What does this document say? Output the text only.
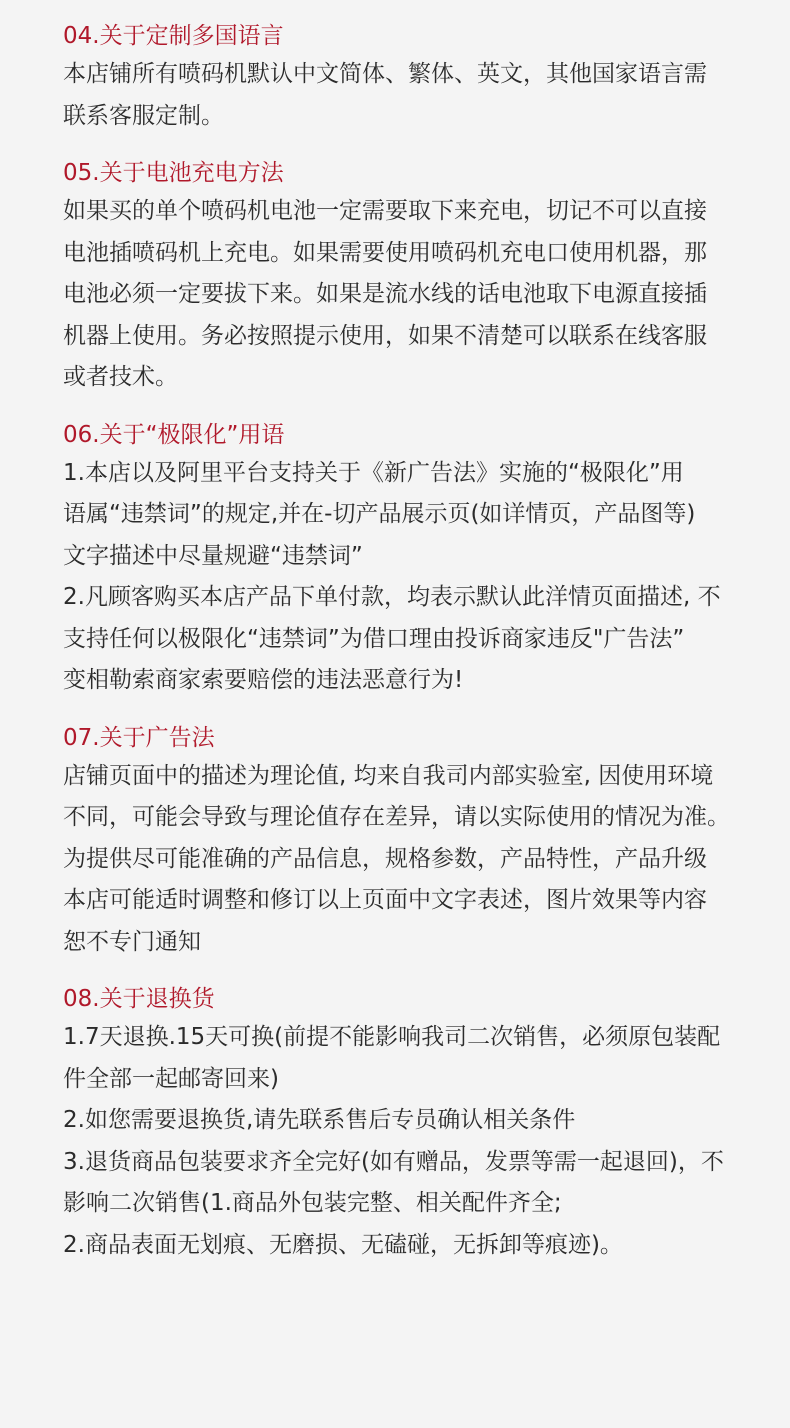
04.关于定制多国语言

本店铺所有喷码机默认中文简体、繁体、英文，其他国家语言需
联系客服定制。

05.关于电池充电方法

如果买的单个喷码机电池一定需要取下来充电，切记不可以直接
电池插喷码机上充电。如果需要使用喷码机充电口使用机器，那
电池必须一定要拔下来。如果是流水线的话电池取下电源直接插
机器上使用。务必按照提示使用，如果不清楚可以联系在线客服
或者技术。

06.关于“极限化”用语

1.本店以及阿里平台支持关于《新广告法》实施的“极限化”用
语属“违禁词”的规定,并在-切产品展示页(如详情页，产品图等)
文字描述中尽量规避“违禁词”
2.凡顾客购买本店产品下单付款，均表示默认此洋情页面描述, 不
支持任何以极限化“违禁词”为借口理由投诉商家违反"广告法”
变相勒索商家索要赔偿的违法恶意行为!

07.关于广告法

店铺页面中的描述为理论值, 均来自我司内部实验室, 因使用环境
不同，可能会导致与理论值存在差异，请以实际使用的情况为准。
为提供尽可能准确的产品信息，规格参数，产品特性，产品升级
本店可能适时调整和修订以上页面中文字表述，图片效果等内容
恕不专门通知

08.关于退换货

1.7天退换.15天可换(前提不能影响我司二次销售，必须原包装配
件全部一起邮寄回来)
2.如您需要退换货,请先联系售后专员确认相关条件
3.退货商品包装要求齐全完好(如有赠品，发票等需一起退回)，不
影响二次销售(1.商品外包装完整、相关配件齐全;
2.商品表面无划痕、无磨损、无磕碰，无拆卸等痕迹)。
